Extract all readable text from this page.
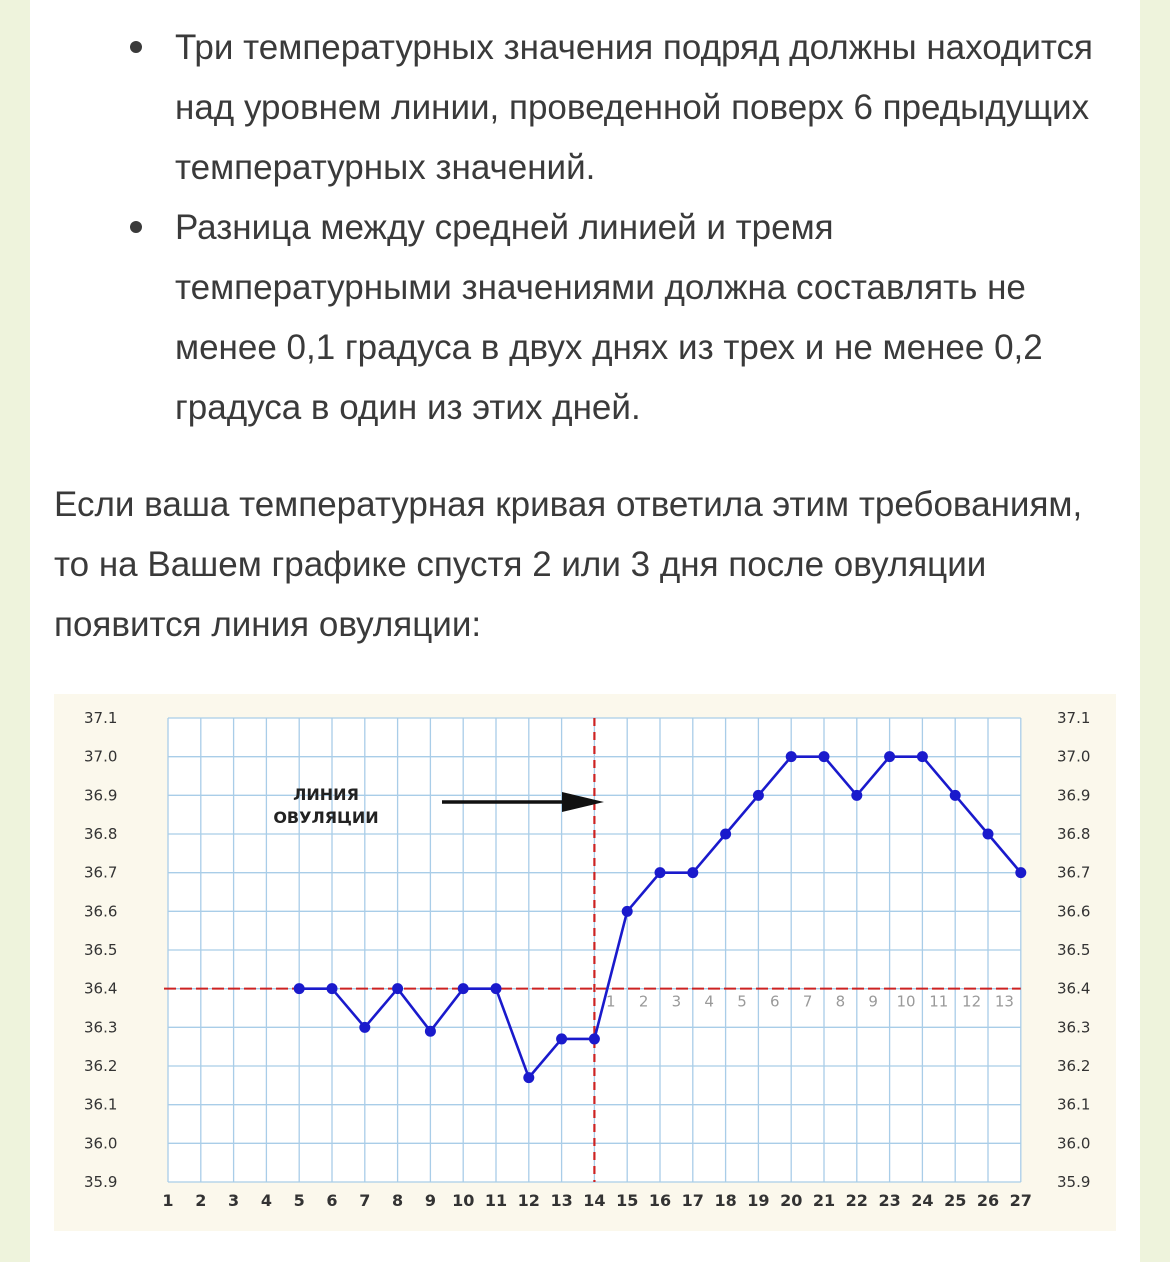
Три температурных значения подряд должны находится над уровнем линии, проведенной поверх 6 предыдущих температурных значений.
Разница между средней линией и тремя температурными значениями должна составлять не менее 0,1 градуса в двух днях из трех и не менее 0,2 градуса в один из этих дней.

Если ваша температурная кривая ответила этим требованиям, то на Вашем графике спустя 2 или 3 дня после овуляции появится линия овуляции:

37.1	37.1
37.0	37.0
36.9	36.9
36.8	36.8
36.7	36.7
36.6	36.6
36.5	36.5
36.4	36.4
36.3	36.3
36.2	36.2
36.1	36.1
36.0	36.0
35.9	35.9
1 2 3 4 5 6 7 8 9 10 11 12 13 14 15 16 17 18 19 20 21 22 23 24 25 26 27
1 2 3 4 5 6 7 8 9 10 11 12 13
ЛИНИЯ
ОВУЛЯЦИИ
